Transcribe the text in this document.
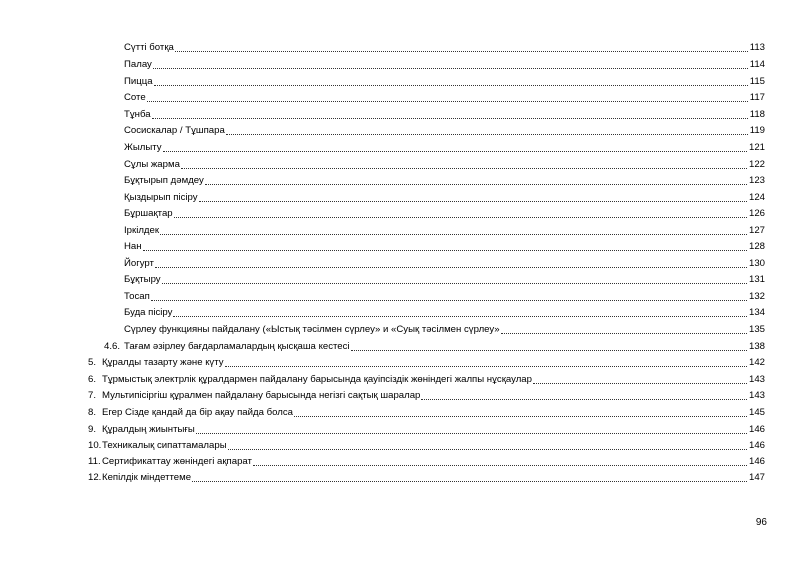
Сүтті ботқа	113
Палау	114
Пицца	115
Соте	117
Тұнба	118
Сосискалар / Тұшпара	119
Жылыту	121
Сұлы жарма	122
Бұқтырып дәмдеу	123
Қыздырып пісіру	124
Бұршақтар	126
Іркілдек	127
Нан	128
Йогурт	130
Бұқтыру	131
Тосап	132
Буда пісіру	134
Сүрлеу функцияны пайдалану («Ыстық тәсілмен сүрлеу» и «Суық тәсілмен сүрлеу»	135
4.6. Тағам әзірлеу бағдарламалардың қысқаша кестесі	138
5. Құралды тазарту және күту	142
6. Тұрмыстық электрлік құралдармен пайдалану барысында қауіпсіздік жөніндегі жалпы нұсқаулар	143
7. Мультипісіргіш құралмен пайдалану барысында негізгі сақтық шаралар	143
8. Егер Сізде қандай да бір ақау пайда болса	145
9. Құралдың жиынтығы	146
10. Техникалық сипаттамалары	146
11. Сертификаттау жөніндегі ақпарат	146
12. Кепілдік міндеттеме	147
96
